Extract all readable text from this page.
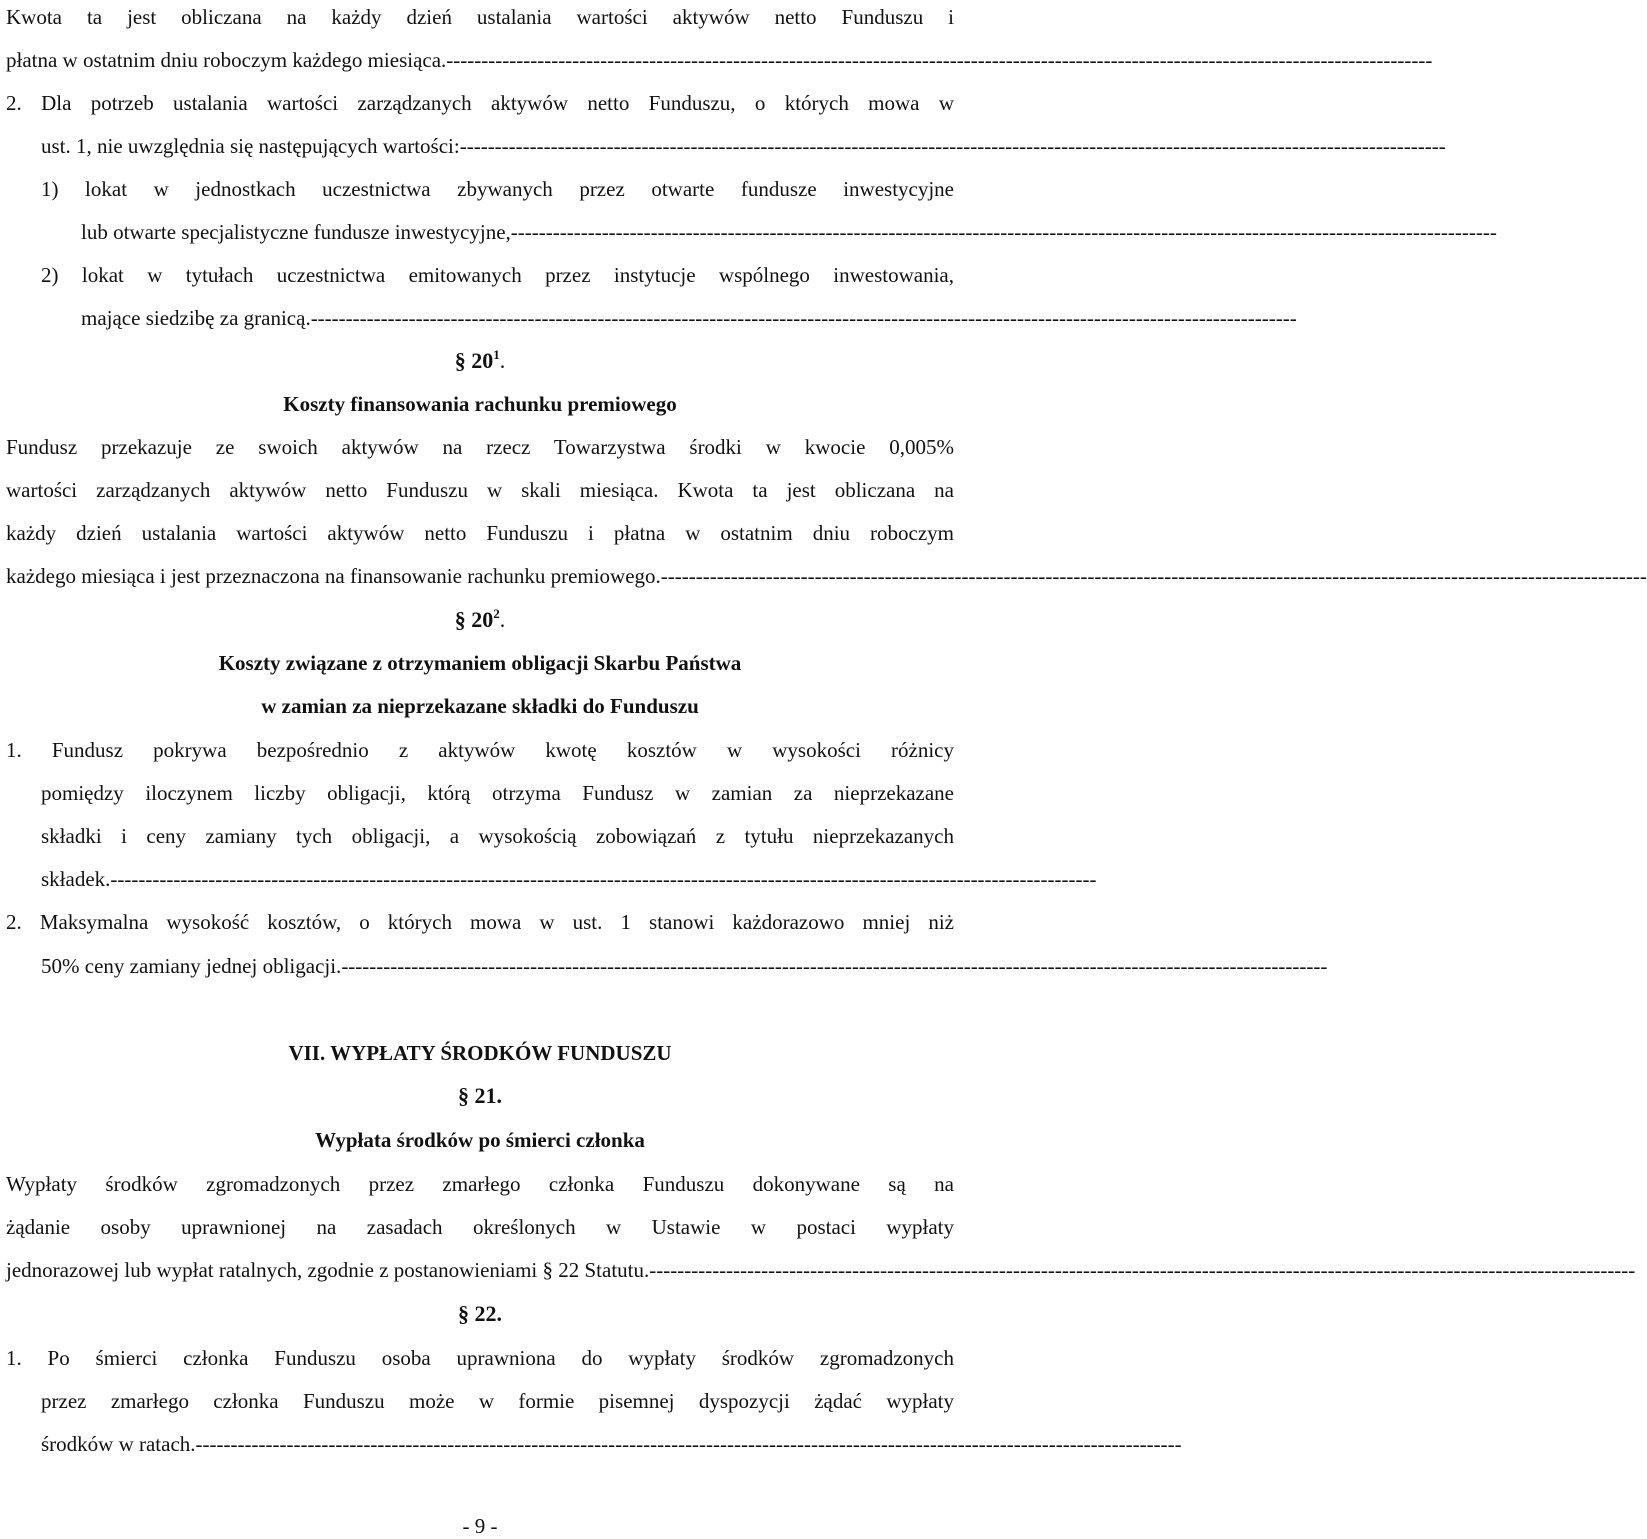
Kwota ta jest obliczana na każdy dzień ustalania wartości aktywów netto Funduszu i
płatna w ostatnim dniu roboczym każdego miesiąca. ---------------------------------------------------------------------------------------------------------------------------------------------
2. Dla potrzeb ustalania wartości zarządzanych aktywów netto Funduszu, o których mowa w
ust. 1, nie uwzględnia się następujących wartości: ---------------------------------------------------------------------------------------------------------------------------------------------
1) lokat w jednostkach uczestnictwa zbywanych przez otwarte fundusze inwestycyjne
lub otwarte specjalistyczne fundusze inwestycyjne, ---------------------------------------------------------------------------------------------------------------------------------------------
2) lokat w tytułach uczestnictwa emitowanych przez instytucje wspólnego inwestowania,
mające siedzibę za granicą. ---------------------------------------------------------------------------------------------------------------------------------------------
§ $20^1$.
Koszty finansowania rachunku premiowego
Fundusz przekazuje ze swoich aktywów na rzecz Towarzystwa środki w kwocie 0,005%
wartości zarządzanych aktywów netto Funduszu w skali miesiąca. Kwota ta jest obliczana na
każdy dzień ustalania wartości aktywów netto Funduszu i płatna w ostatnim dniu roboczym
każdego miesiąca i jest przeznaczona na finansowanie rachunku premiowego. ---------------------------------------------------------------------------------------------------------------------------------------------
§ $20^2$.
Koszty związane z otrzymaniem obligacji Skarbu Państwa
w zamian za nieprzekazane składki do Funduszu
1. Fundusz pokrywa bezpośrednio z aktywów kwotę kosztów w wysokości różnicy
pomiędzy iloczynem liczby obligacji, którą otrzyma Fundusz w zamian za nieprzekazane
składki i ceny zamiany tych obligacji, a wysokością zobowiązań z tytułu nieprzekazanych
składek. ---------------------------------------------------------------------------------------------------------------------------------------------
2. Maksymalna wysokość kosztów, o których mowa w ust. 1 stanowi każdorazowo mniej niż
50% ceny zamiany jednej obligacji. ---------------------------------------------------------------------------------------------------------------------------------------------
VII. WYPŁATY ŚRODKÓW FUNDUSZU
§ 21.
Wypłata środków po śmierci członka
Wypłaty środków zgromadzonych przez zmarłego członka Funduszu dokonywane są na
żądanie osoby uprawnionej na zasadach określonych w Ustawie w postaci wypłaty
jednorazowej lub wypłat ratalnych, zgodnie z postanowieniami § 22 Statutu. ---------------------------------------------------------------------------------------------------------------------------------------------
§ 22.
1. Po śmierci członka Funduszu osoba uprawniona do wypłaty środków zgromadzonych
przez zmarłego członka Funduszu może w formie pisemnej dyspozycji żądać wypłaty
środków w ratach. ---------------------------------------------------------------------------------------------------------------------------------------------
- 9 -
